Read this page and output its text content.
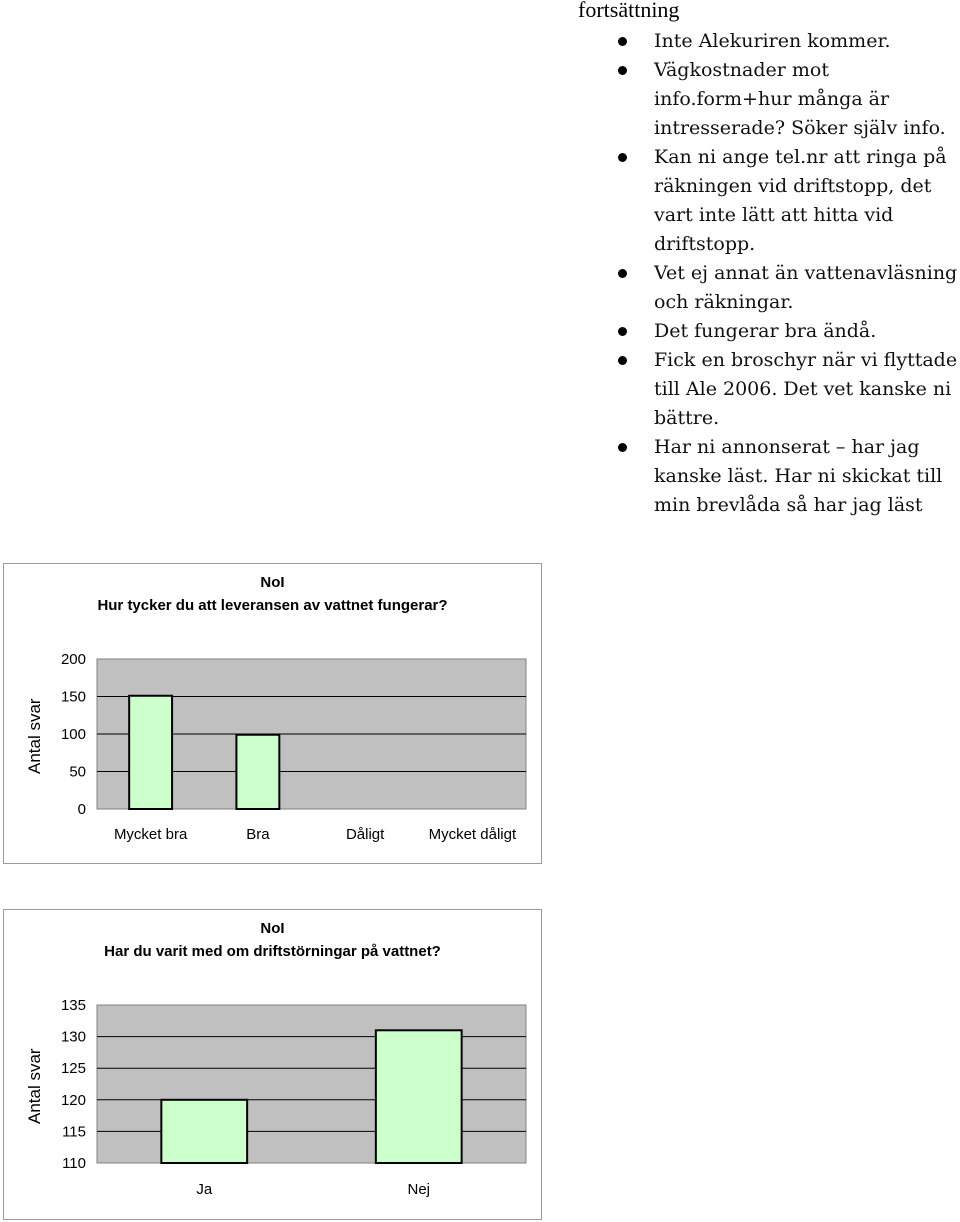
fortsättning
Inte Alekuriren kommer.
Vägkostnader mot info.form+hur många är intresserade? Söker själv info.
Kan ni ange tel.nr att ringa på räkningen vid driftstopp, det vart inte lätt att hitta vid driftstopp.
Vet ej annat än vattenavläsning och räkningar.
Det fungerar bra ändå.
Fick en broschyr när vi flyttade till Ale 2006. Det vet kanske ni bättre.
Har ni annonserat – har jag kanske läst. Har ni skickat till min brevlåda så har jag läst
NoI
Hur tycker du att leveransen av vattnet fungerar?
Antal svar
0
50
100
150
200
Mycket bra	Bra	Dåligt	Mycket dåligt
NoI
Har du varit med om driftstörningar på vattnet?
Antal svar
110
115
120
125
130
135
Ja	Nej
